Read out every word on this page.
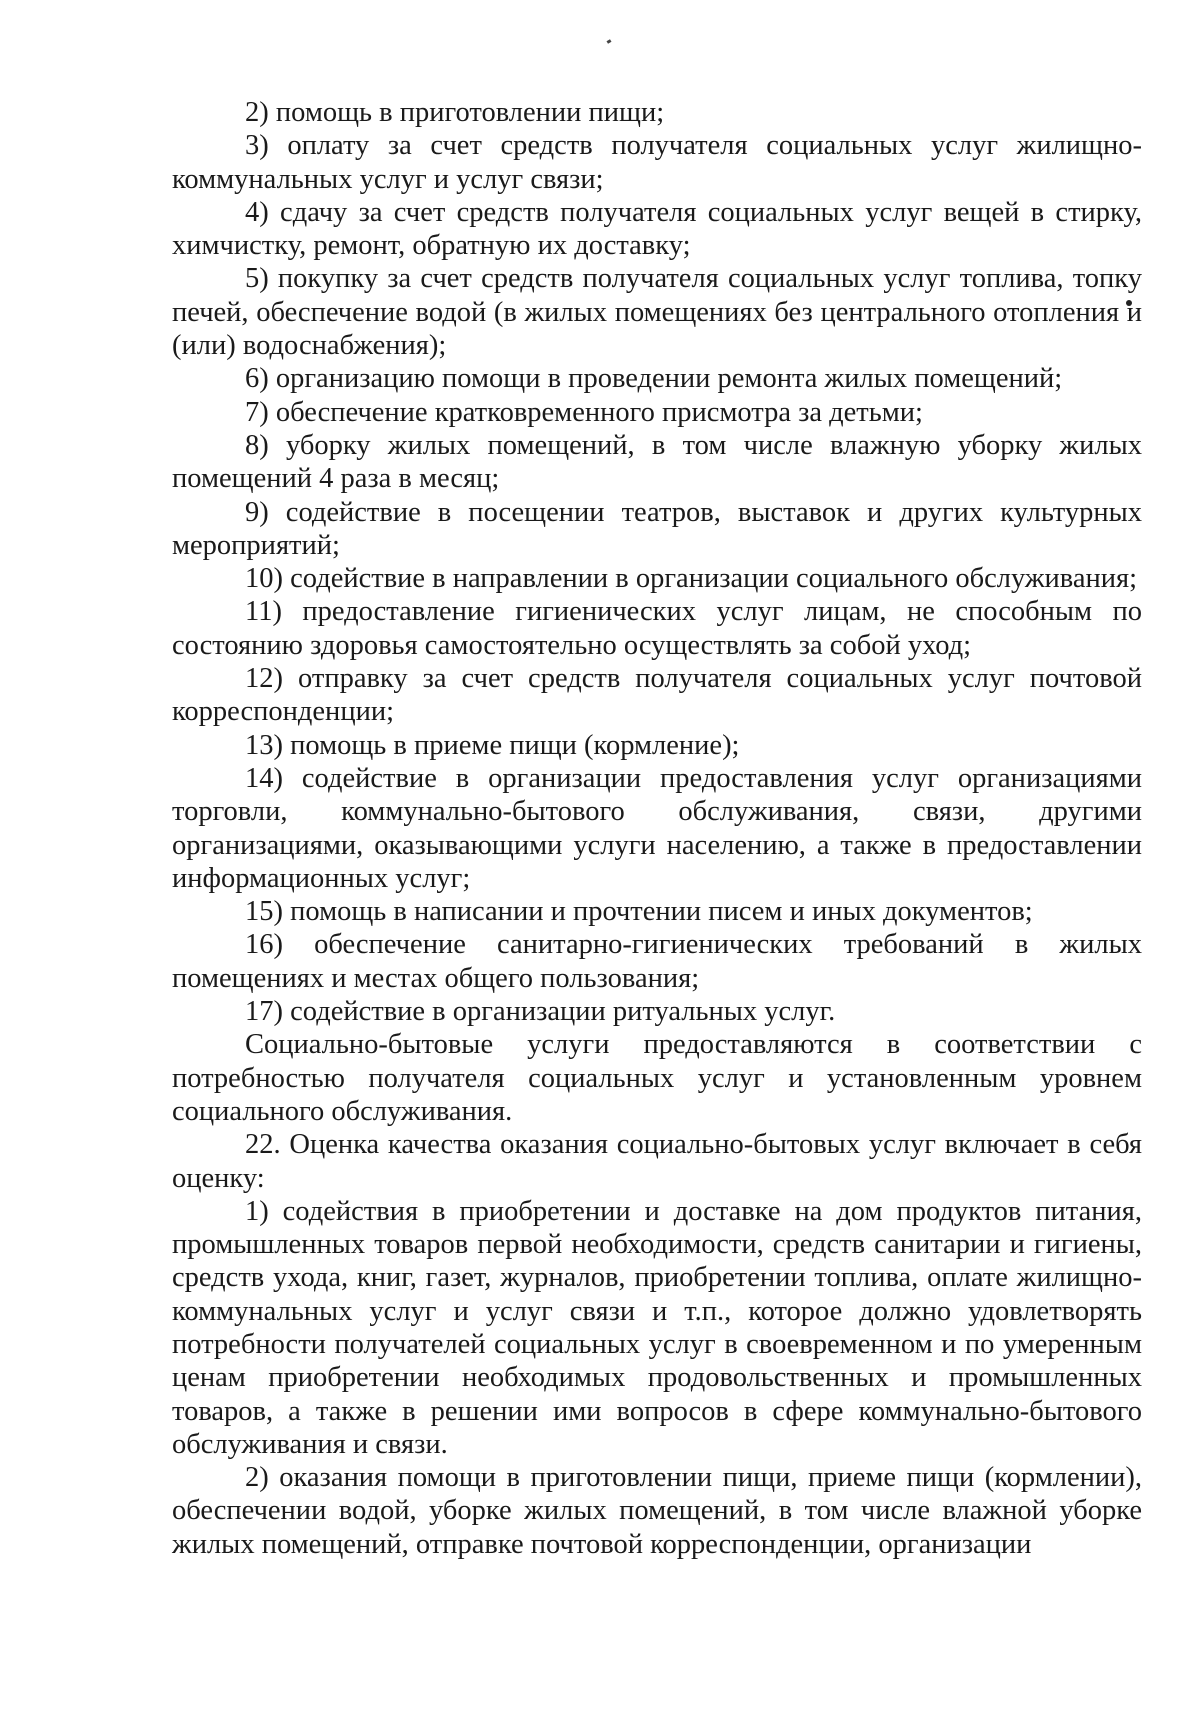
2) помощь в приготовлении пищи;

3) оплату за счет средств получателя социальных услуг жилищно-коммунальных услуг и услуг связи;

4) сдачу за счет средств получателя социальных услуг вещей в стирку, химчистку, ремонт, обратную их доставку;

5) покупку за счет средств получателя социальных услуг топлива, топку печей, обеспечение водой (в жилых помещениях без центрального отопления и (или) водоснабжения);

6) организацию помощи в проведении ремонта жилых помещений;

7) обеспечение кратковременного присмотра за детьми;

8) уборку жилых помещений, в том числе влажную уборку жилых помещений 4 раза в месяц;

9) содействие в посещении театров, выставок и других культурных мероприятий;

10) содействие в направлении в организации социального обслуживания;

11) предоставление гигиенических услуг лицам, не способным по состоянию здоровья самостоятельно осуществлять за собой уход;

12) отправку за счет средств получателя социальных услуг почтовой корреспонденции;

13) помощь в приеме пищи (кормление);

14) содействие в организации предоставления услуг организациями торговли, коммунально-бытового обслуживания, связи, другими организациями, оказывающими услуги населению, а также в предоставлении информационных услуг;

15) помощь в написании и прочтении писем и иных документов;

16) обеспечение санитарно-гигиенических требований в жилых помещениях и местах общего пользования;

17) содействие в организации ритуальных услуг.

Социально-бытовые услуги предоставляются в соответствии с потребностью получателя социальных услуг и установленным уровнем социального обслуживания.

22. Оценка качества оказания социально-бытовых услуг включает в себя оценку:

1) содействия в приобретении и доставке на дом продуктов питания, промышленных товаров первой необходимости, средств санитарии и гигиены, средств ухода, книг, газет, журналов, приобретении топлива, оплате жилищно-коммунальных услуг и услуг связи и т.п., которое должно удовлетворять потребности получателей социальных услуг в своевременном и по умеренным ценам приобретении необходимых продовольственных и промышленных товаров, а также в решении ими вопросов в сфере коммунально-бытового обслуживания и связи.

2) оказания помощи в приготовлении пищи, приеме пищи (кормлении), обеспечении водой, уборке жилых помещений, в том числе влажной уборке жилых помещений, отправке почтовой корреспонденции, организации
